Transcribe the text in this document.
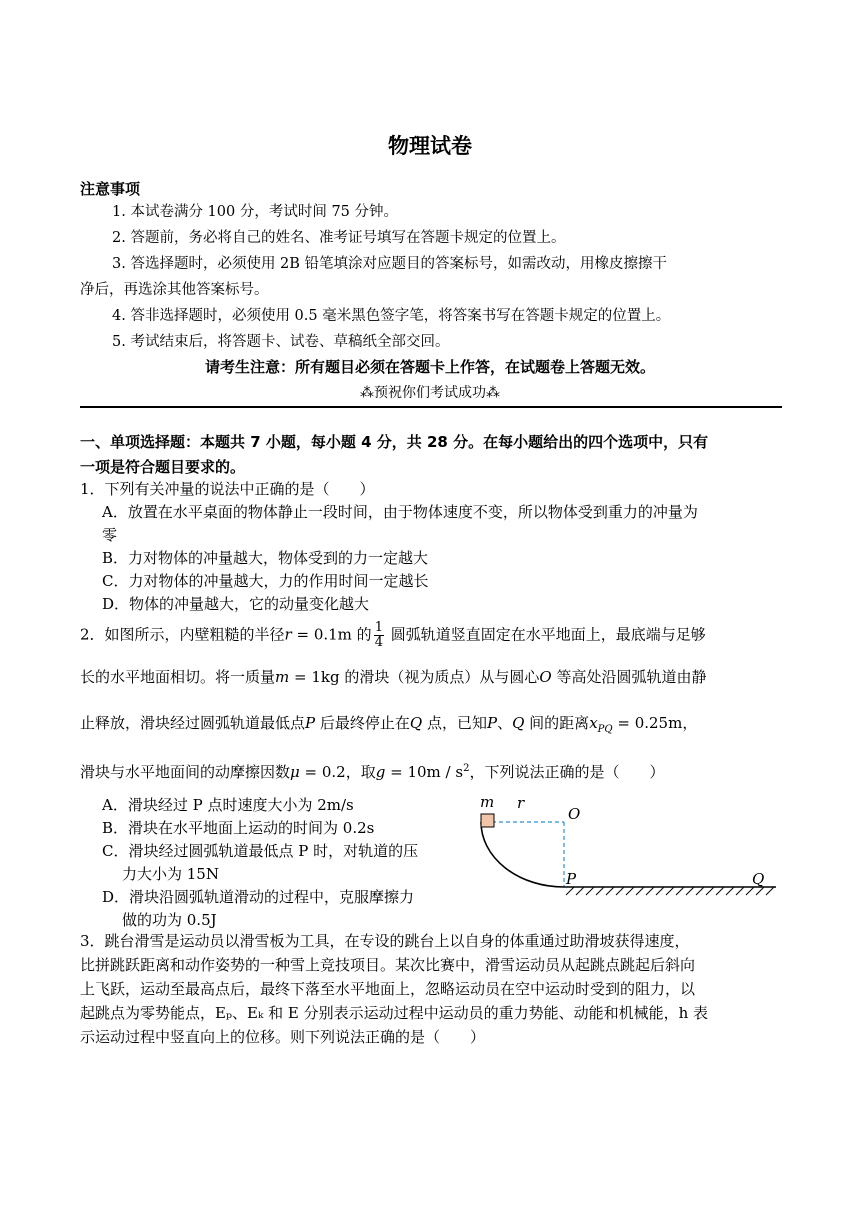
物理试卷
注意事项
1. 本试卷满分 100 分，考试时间 75 分钟。
2. 答题前，务必将自己的姓名、准考证号填写在答题卡规定的位置上。
3. 答选择题时，必须使用 2B 铅笔填涂对应题目的答案标号，如需改动，用橡皮擦擦干
净后，再选涂其他答案标号。
4. 答非选择题时，必须使用 0.5 毫米黑色签字笔，将答案书写在答题卡规定的位置上。
5. 考试结束后，将答题卡、试卷、草稿纸全部交回。
请考生注意：所有题目必须在答题卡上作答，在试题卷上答题无效。
⁂预祝你们考试成功⁂
一、单项选择题：本题共 7 小题，每小题 4 分，共 28 分。在每小题给出的四个选项中，只有
一项是符合题目要求的。
1．下列有关冲量的说法中正确的是（　　）
A．放置在水平桌面的物体静止一段时间，由于物体速度不变，所以物体受到重力的冲量为
零
B．力对物体的冲量越大，物体受到的力一定越大
C．力对物体的冲量越大，力的作用时间一定越长
D．物体的冲量越大，它的动量变化越大
2．如图所示，内壁粗糙的半径r = 0.1m 的 $\frac{1}{4}$ 圆弧轨道竖直固定在水平地面上，最底端与足够
长的水平地面相切。将一质量m = 1kg 的滑块（视为质点）从与圆心O 等高处沿圆弧轨道由静
止释放，滑块经过圆弧轨道最低点P 后最终停止在Q 点，已知P、Q 间的距离$x_{PQ} = 0.25m$，
滑块与水平地面间的动摩擦因数μ = 0.2，取$g = 10m / s^2$，下列说法正确的是（　　）
A．滑块经过 P 点时速度大小为 2m/s
B．滑块在水平地面上运动的时间为 0.2s
C．滑块经过圆弧轨道最低点 P 时，对轨道的压
力大小为 15N
D．滑块沿圆弧轨道滑动的过程中，克服摩擦力
做的功为 0.5J
m r
O
P	Q
3．跳台滑雪是运动员以滑雪板为工具，在专设的跳台上以自身的体重通过助滑坡获得速度，
比拼跳跃距离和动作姿势的一种雪上竞技项目。某次比赛中，滑雪运动员从起跳点跳起后斜向
上飞跃，运动至最高点后，最终下落至水平地面上，忽略运动员在空中运动时受到的阻力，以
起跳点为零势能点，Eₚ、Eₖ 和 E 分别表示运动过程中运动员的重力势能、动能和机械能，h 表
示运动过程中竖直向上的位移。则下列说法正确的是（　　）
